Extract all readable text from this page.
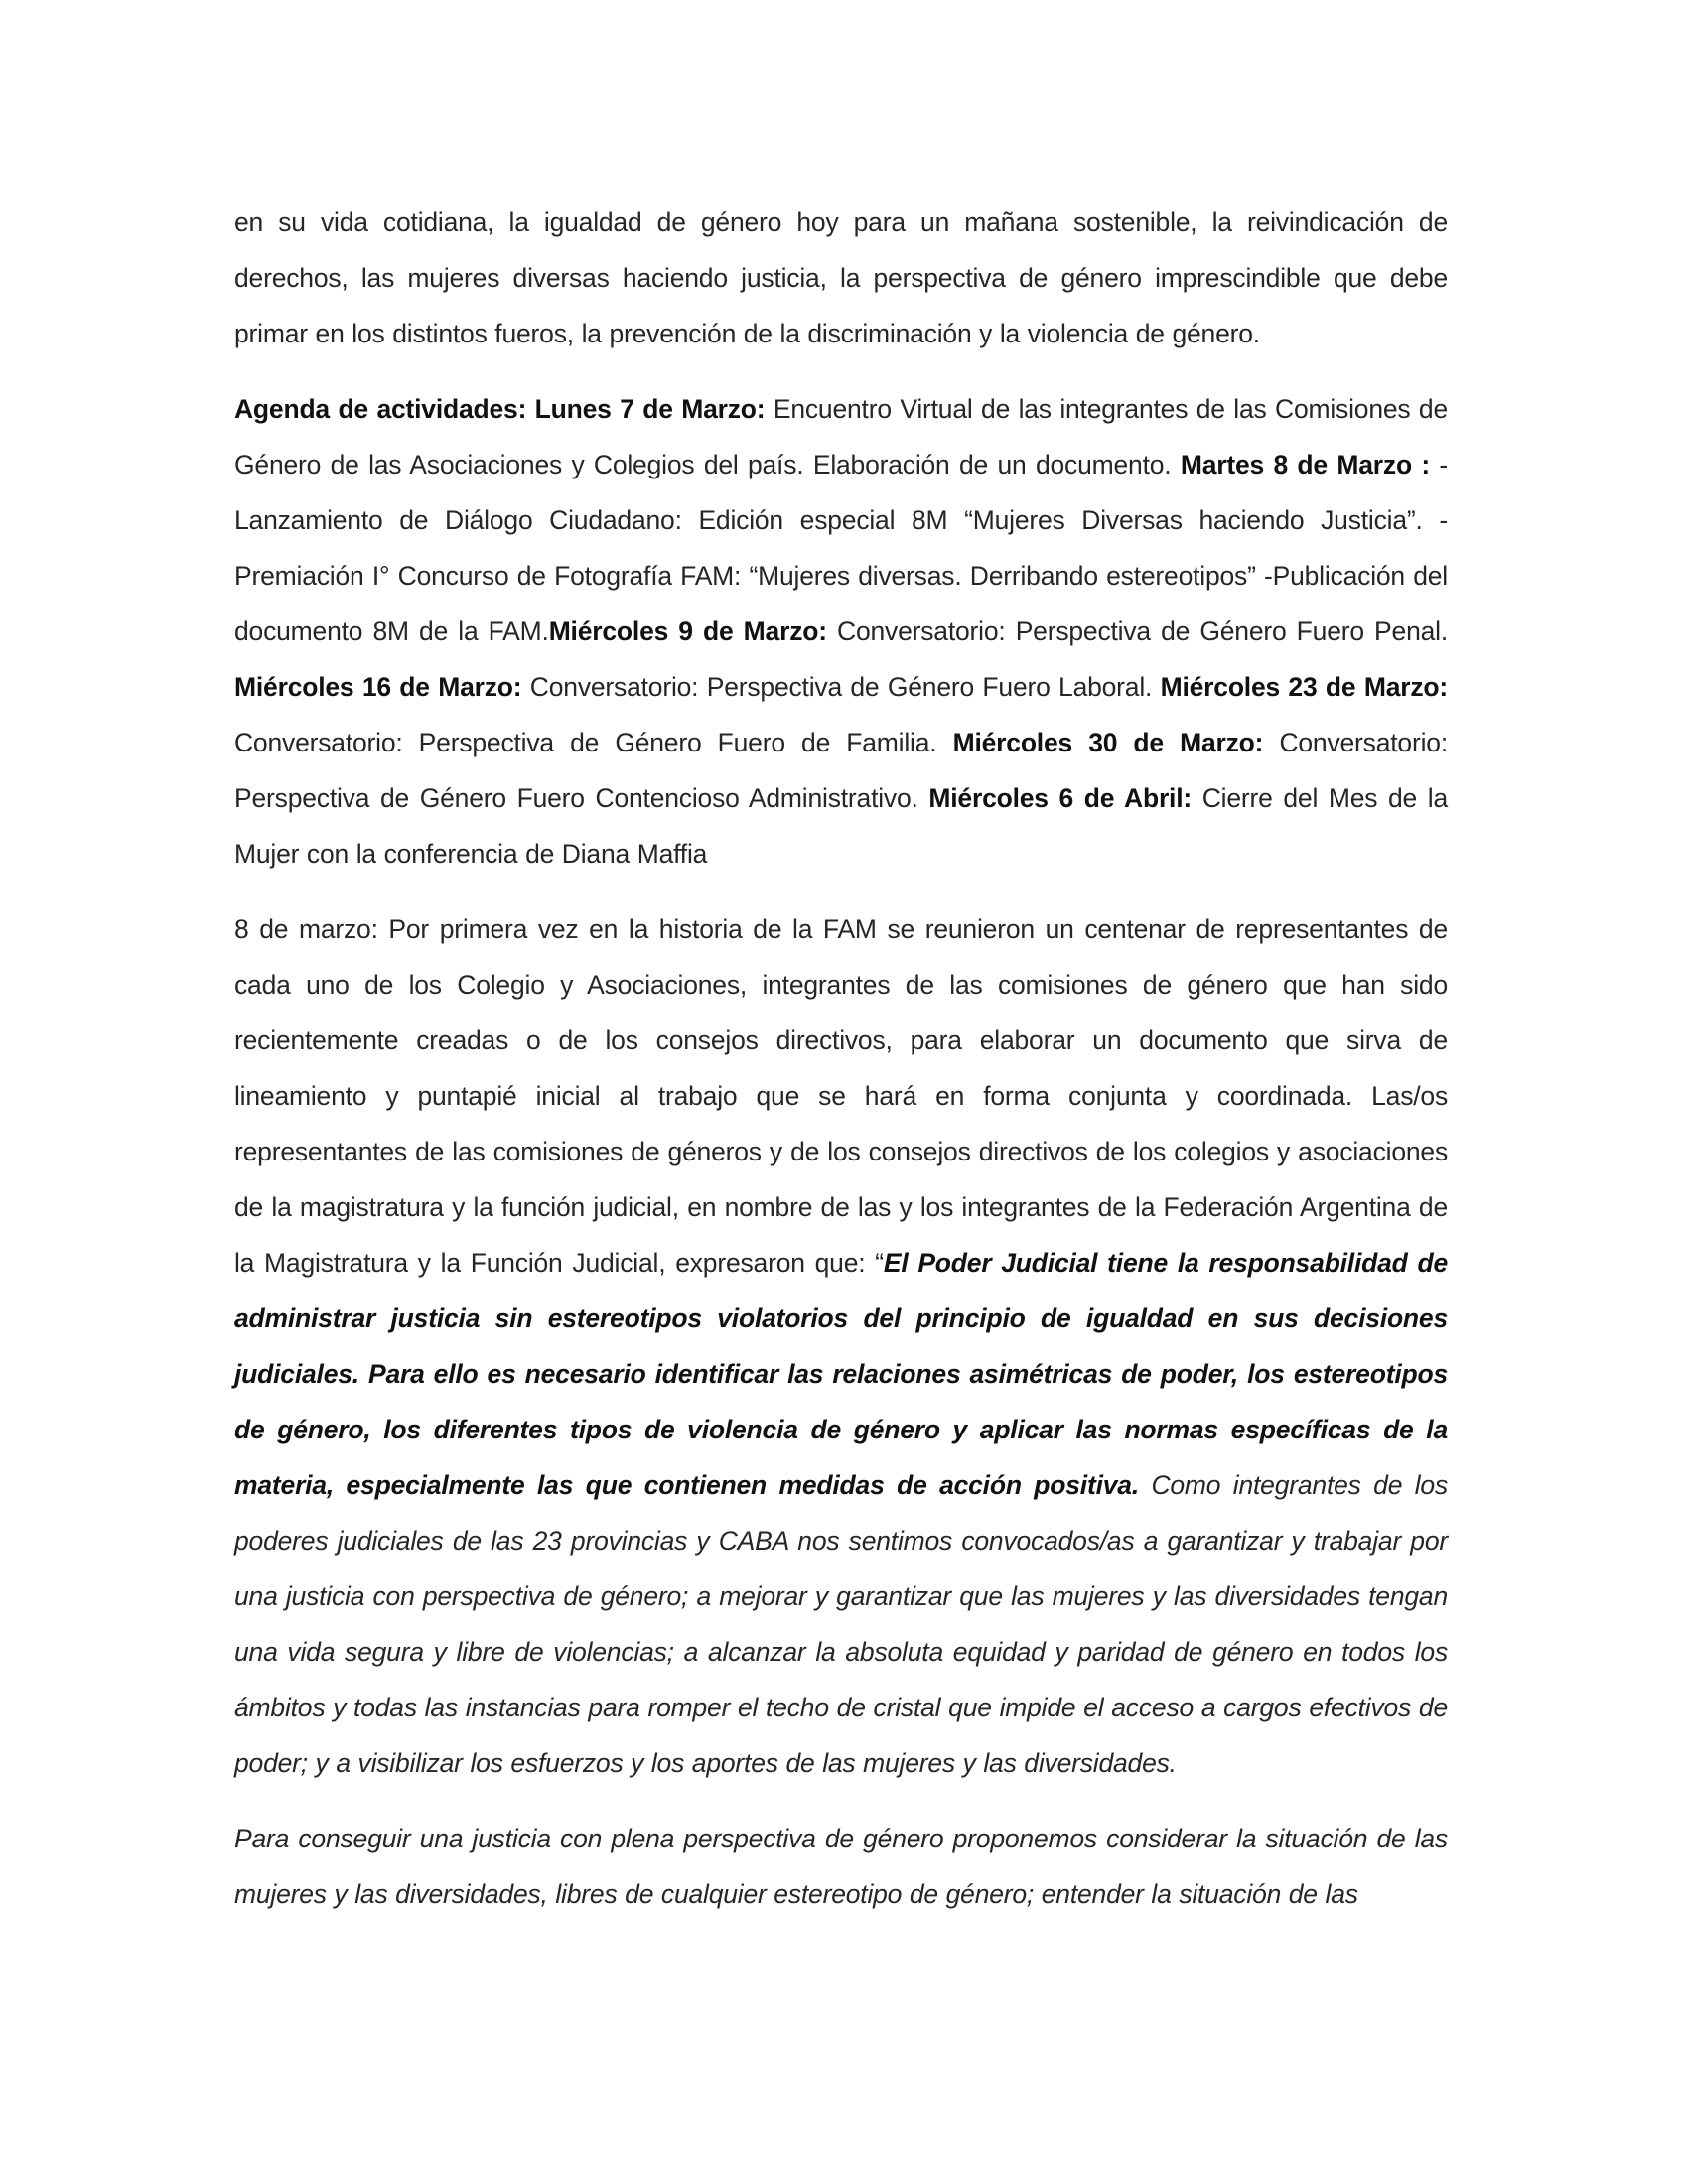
en su vida cotidiana, la igualdad de género hoy para un mañana sostenible, la reivindicación de derechos, las mujeres diversas haciendo justicia, la perspectiva de género imprescindible que debe primar en los distintos fueros, la prevención de la discriminación y la violencia de género.

Agenda de actividades: Lunes 7 de Marzo: Encuentro Virtual de las integrantes de las Comisiones de Género de las Asociaciones y Colegios del país. Elaboración de un documento. Martes 8 de Marzo : -Lanzamiento de Diálogo Ciudadano: Edición especial 8M “Mujeres Diversas haciendo Justicia”. -Premiación I° Concurso de Fotografía FAM: “Mujeres diversas. Derribando estereotipos” -Publicación del documento 8M de la FAM.Miércoles 9 de Marzo: Conversatorio: Perspectiva de Género Fuero Penal. Miércoles 16 de Marzo: Conversatorio: Perspectiva de Género Fuero Laboral. Miércoles 23 de Marzo: Conversatorio: Perspectiva de Género Fuero de Familia. Miércoles 30 de Marzo: Conversatorio: Perspectiva de Género Fuero Contencioso Administrativo. Miércoles 6 de Abril: Cierre del Mes de la Mujer con la conferencia de Diana Maffia

8 de marzo: Por primera vez en la historia de la FAM se reunieron un centenar de representantes de cada uno de los Colegio y Asociaciones, integrantes de las comisiones de género que han sido recientemente creadas o de los consejos directivos, para elaborar un documento que sirva de lineamiento y puntapié inicial al trabajo que se hará en forma conjunta y coordinada. Las/os representantes de las comisiones de géneros y de los consejos directivos de los colegios y asociaciones de la magistratura y la función judicial, en nombre de las y los integrantes de la Federación Argentina de la Magistratura y la Función Judicial, expresaron que: “El Poder Judicial tiene la responsabilidad de administrar justicia sin estereotipos violatorios del principio de igualdad en sus decisiones judiciales. Para ello es necesario identificar las relaciones asimétricas de poder, los estereotipos de género, los diferentes tipos de violencia de género y aplicar las normas específicas de la materia, especialmente las que contienen medidas de acción positiva. Como integrantes de los poderes judiciales de las 23 provincias y CABA nos sentimos convocados/as a garantizar y trabajar por una justicia con perspectiva de género; a mejorar y garantizar que las mujeres y las diversidades tengan una vida segura y libre de violencias; a alcanzar la absoluta equidad y paridad de género en todos los ámbitos y todas las instancias para romper el techo de cristal que impide el acceso a cargos efectivos de poder; y a visibilizar los esfuerzos y los aportes de las mujeres y las diversidades.

Para conseguir una justicia con plena perspectiva de género proponemos considerar la situación de las mujeres y las diversidades, libres de cualquier estereotipo de género; entender la situación de las
